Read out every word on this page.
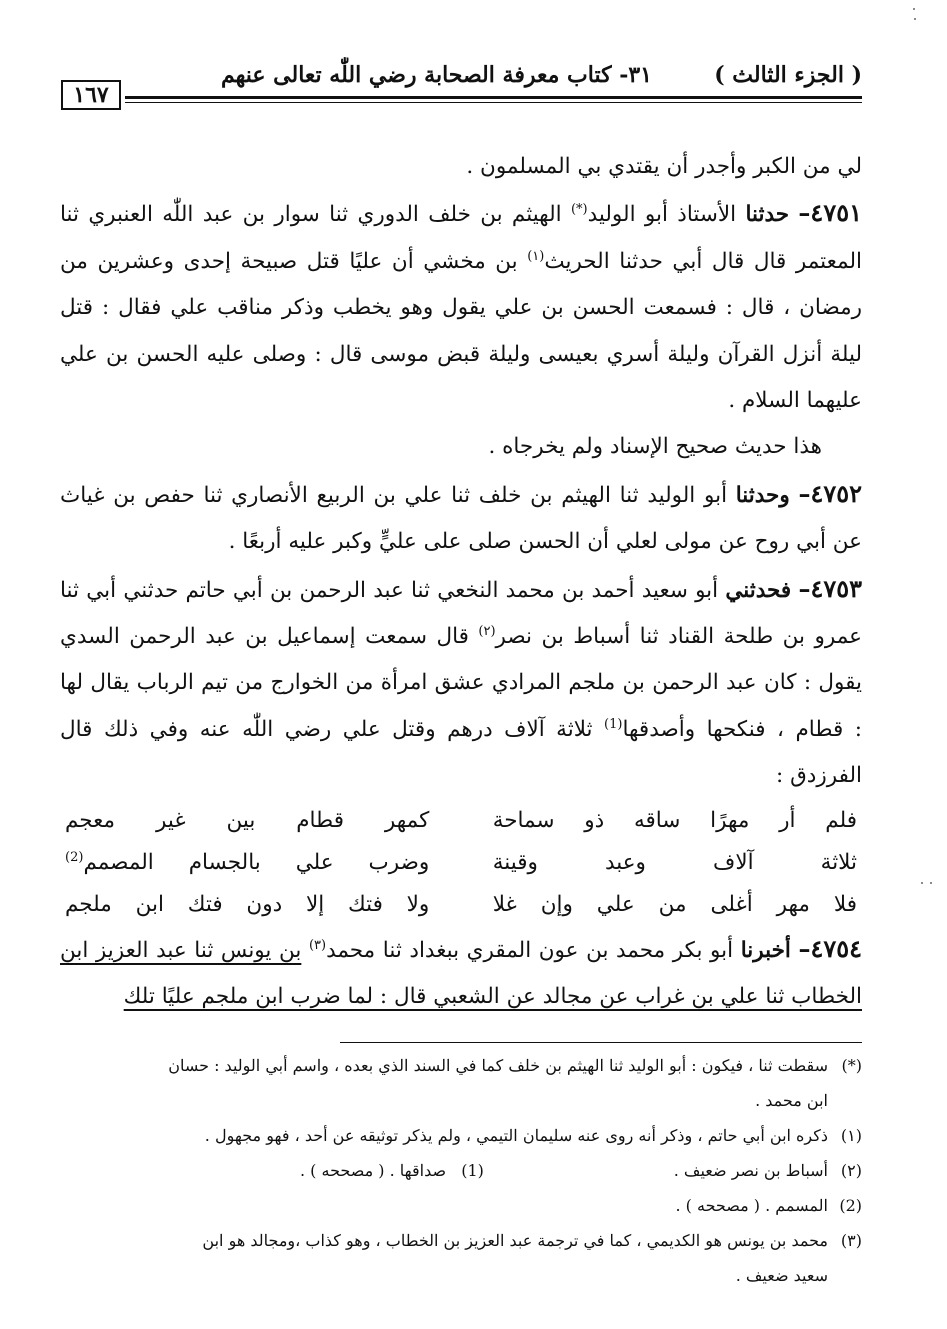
( الجزء الثالث )
٣١- كتاب معرفة الصحابة رضي اللّٰه تعالى عنهم
١٦٧

لي من الكبر وأجدر أن يقتدي بي المسلمون .

٤٧٥١– حدثنا الأستاذ أبو الوليد(*) الهيثم بن خلف الدوري ثنا سوار بن عبد اللّٰه العنبري ثنا المعتمر قال قال أبي حدثنا الحريث$^{(١)}$ بن مخشي أن عليًا قتل صبيحة إحدى وعشرين من رمضان ، قال : فسمعت الحسن بن علي يقول وهو يخطب وذكر مناقب علي فقال : قتل ليلة أنزل القرآن وليلة أسري بعيسى وليلة قبض موسى قال : وصلى عليه الحسن بن علي عليهما السلام .

هذا حديث صحيح الإسناد ولم يخرجاه .

٤٧٥٢– وحدثنا أبو الوليد ثنا الهيثم بن خلف ثنا علي بن الربيع الأنصاري ثنا حفص بن غياث عن أبي روح عن مولى لعلي أن الحسن صلى على عليٍّ وكبر عليه أربعًا .

٤٧٥٣– فحدثني أبو سعيد أحمد بن محمد النخعي ثنا عبد الرحمن بن أبي حاتم حدثني أبي ثنا عمرو بن طلحة القناد ثنا أسباط بن نصر$^{(٢)}$ قال سمعت إسماعيل بن عبد الرحمن السدي يقول : كان عبد الرحمن بن ملجم المرادي عشق امرأة من الخوارج من تيم الرباب يقال لها : قطام ، فنكحها وأصدقها$^{(1)}$ ثلاثة آلاف درهم وقتل علي رضي اللّٰه عنه وفي ذلك قال الفرزدق :

فلم أر مهرًا ساقه ذو سماحة
كمهر قطام بين غير معجم
ثلاثة آلاف وعبد وقينة
وضرب علي بالجسام المصمم$^{(2)}$
فلا مهر أغلى من علي وإن غلا
ولا فتك إلا دون فتك ابن ملجم

٤٧٥٤– أخبرنا أبو بكر محمد بن عون المقري ببغداد ثنا محمد$^{(٣)}$ بن يونس ثنا عبد العزيز ابن الخطاب ثنا علي بن غراب عن مجالد عن الشعبي قال : لما ضرب ابن ملجم عليًا تلك

(*)
سقطت ثنا ، فيكون : أبو الوليد ثنا الهيثم بن خلف كما في السند الذي بعده ، واسم أبي الوليد : حسان
ابن محمد .
(١)
ذكره ابن أبي حاتم ، وذكر أنه روى عنه سليمان التيمي ، ولم يذكر توثيقه عن أحد ، فهو مجهول .
(٢)
أسباط بن نصر ضعيف .
(1) صداقها . ( مصححه ) .
(2)
المسمم . ( مصححه ) .
(٣)
محمد بن يونس هو الكديمي ، كما في ترجمة عبد العزيز بن الخطاب ، وهو كذاب ،ومجالد هو ابن
سعيد ضعيف .
